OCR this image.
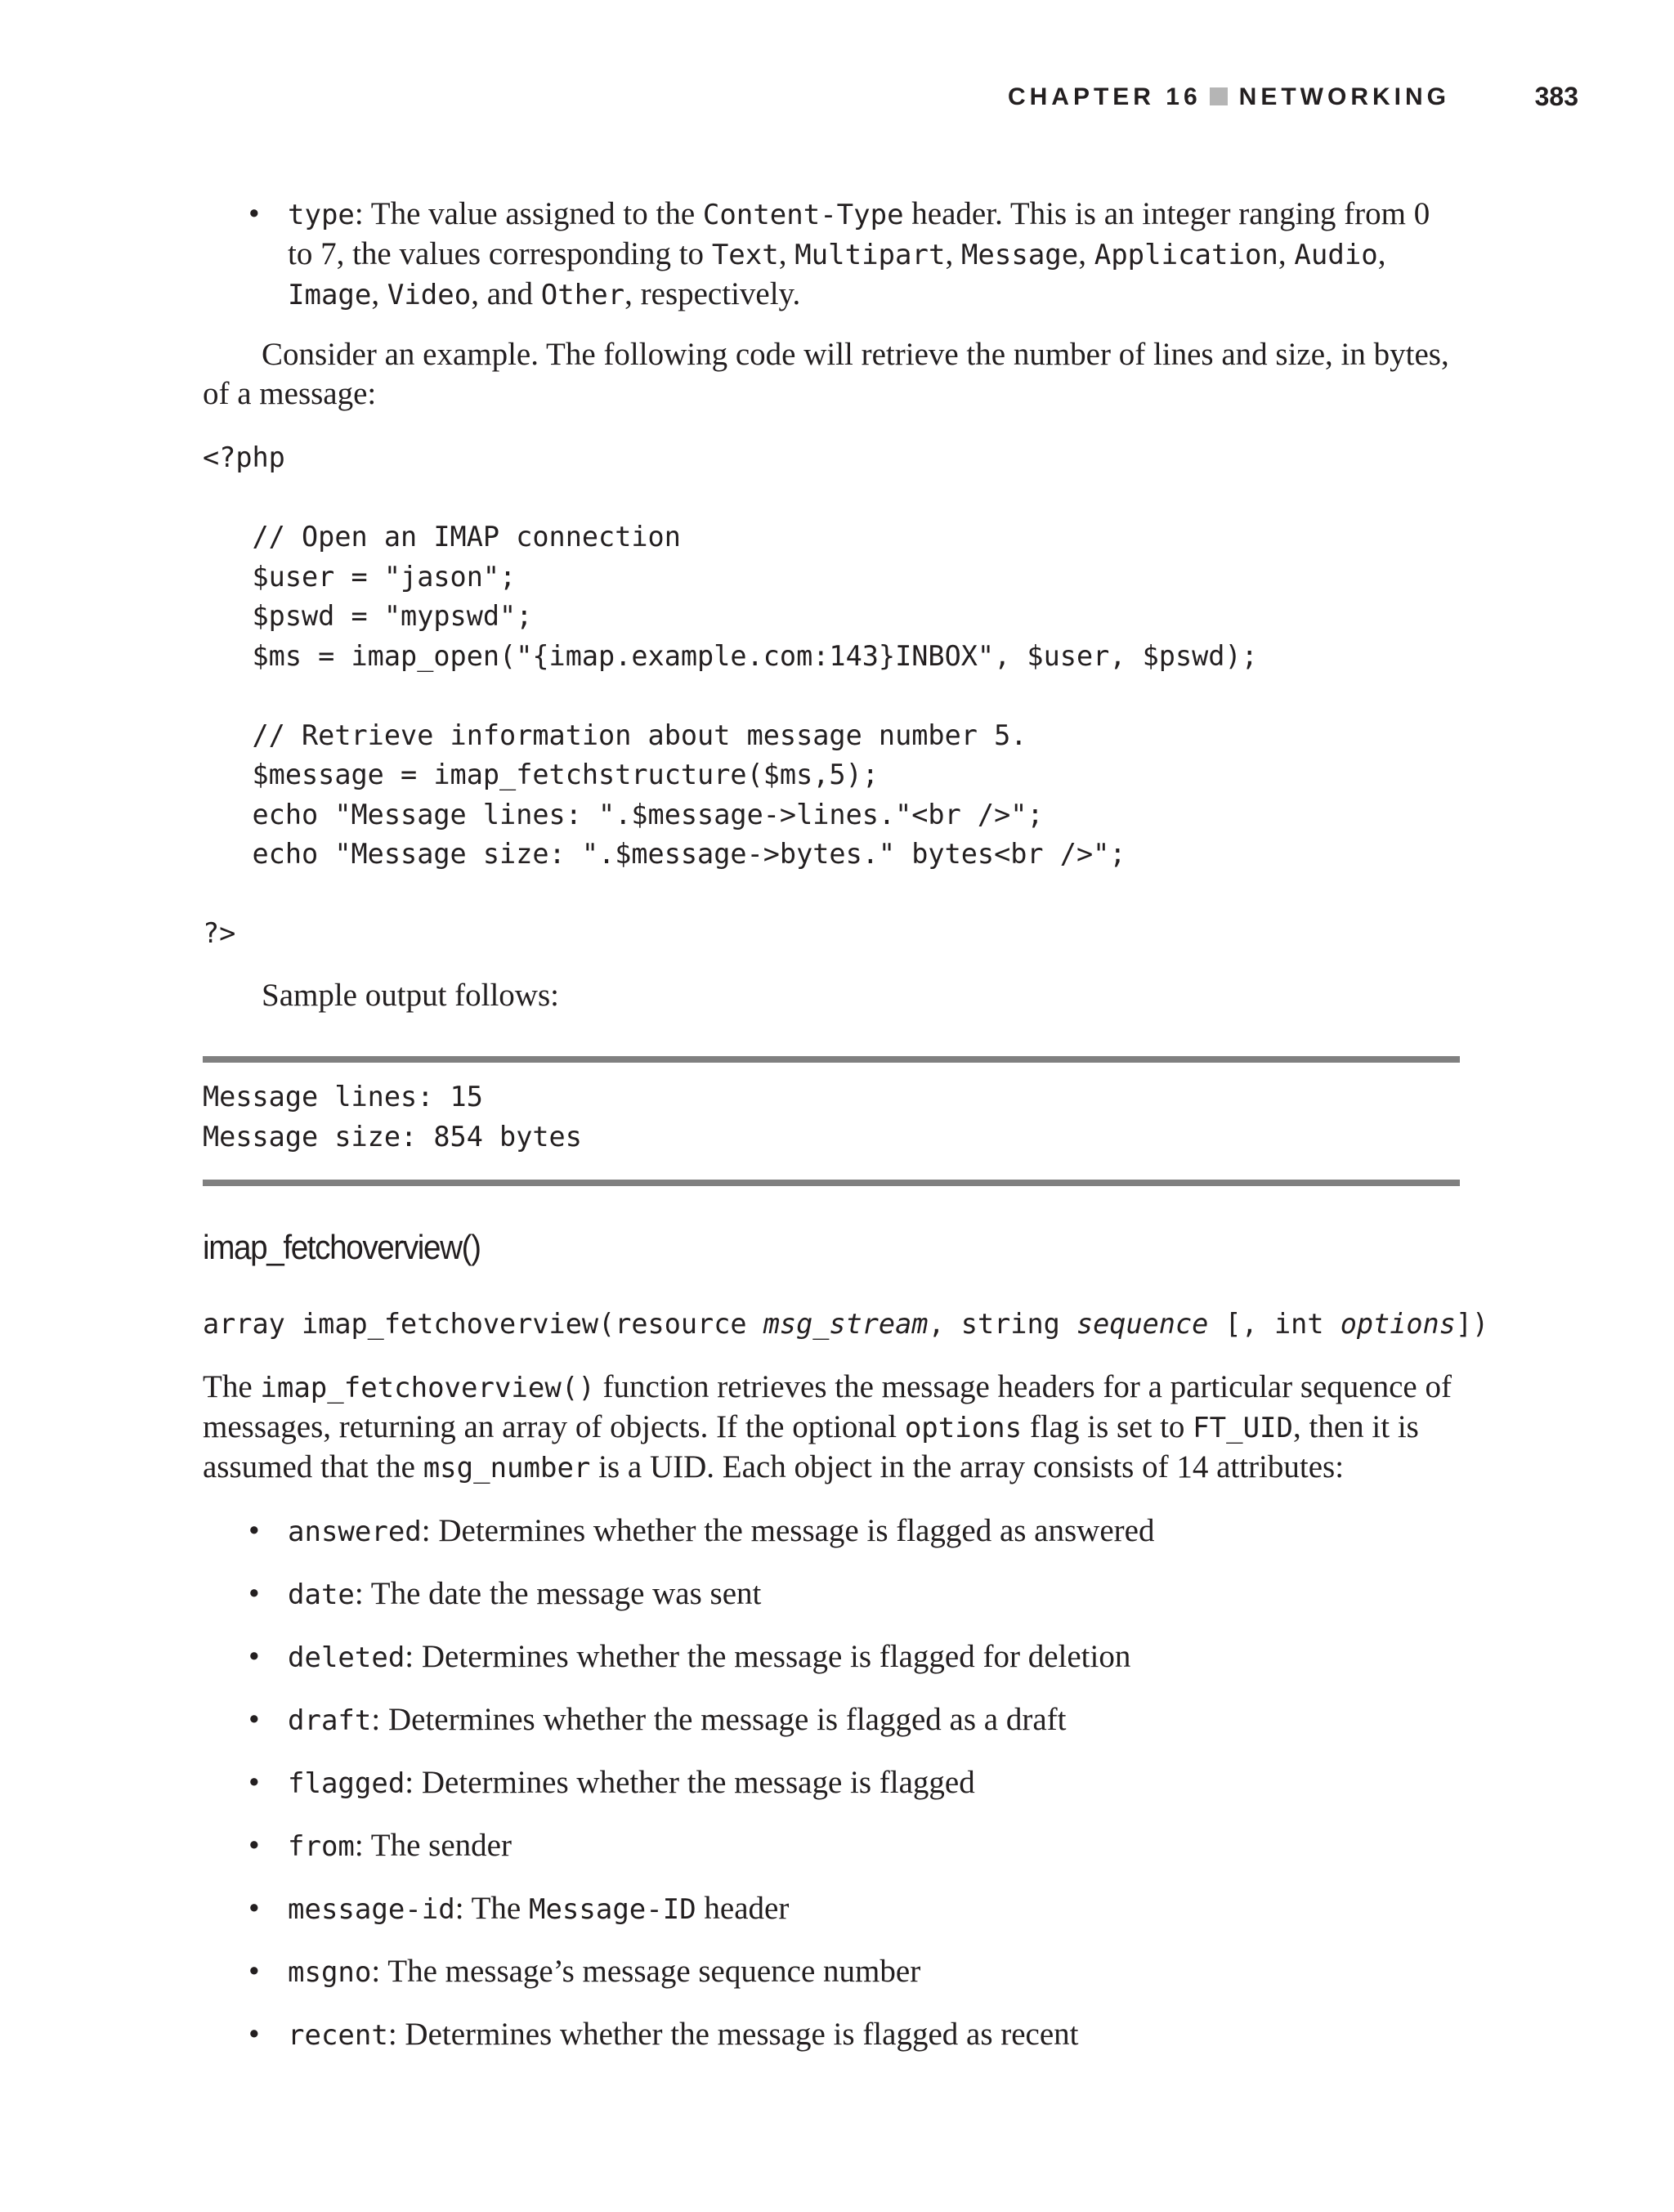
CHAPTER 16 NETWORKING	383
•	type: The value assigned to the Content-Type header. This is an integer ranging from 0 to 7, the values corresponding to Text, Multipart, Message, Application, Audio, Image, Video, and Other, respectively.
Consider an example. The following code will retrieve the number of lines and size, in bytes, of a message:
<?php

// Open an IMAP connection
$user = "jason";
$pswd = "mypswd";
$ms = imap_open("{imap.example.com:143}INBOX", $user, $pswd);

// Retrieve information about message number 5.
$message = imap_fetchstructure($ms,5);
echo "Message lines: ".$message->lines."<br />";
echo "Message size: ".$message->bytes." bytes<br />";

?>
Sample output follows:
Message lines: 15
Message size: 854 bytes
imap_fetchoverview()
array imap_fetchoverview(resource msg_stream, string sequence [, int options])
The imap_fetchoverview() function retrieves the message headers for a particular sequence of messages, returning an array of objects. If the optional options flag is set to FT_UID, then it is assumed that the msg_number is a UID. Each object in the array consists of 14 attributes:
•	answered: Determines whether the message is flagged as answered
•	date: The date the message was sent
•	deleted: Determines whether the message is flagged for deletion
•	draft: Determines whether the message is flagged as a draft
•	flagged: Determines whether the message is flagged
•	from: The sender
•	message-id: The Message-ID header
•	msgno: The message’s message sequence number
•	recent: Determines whether the message is flagged as recent
